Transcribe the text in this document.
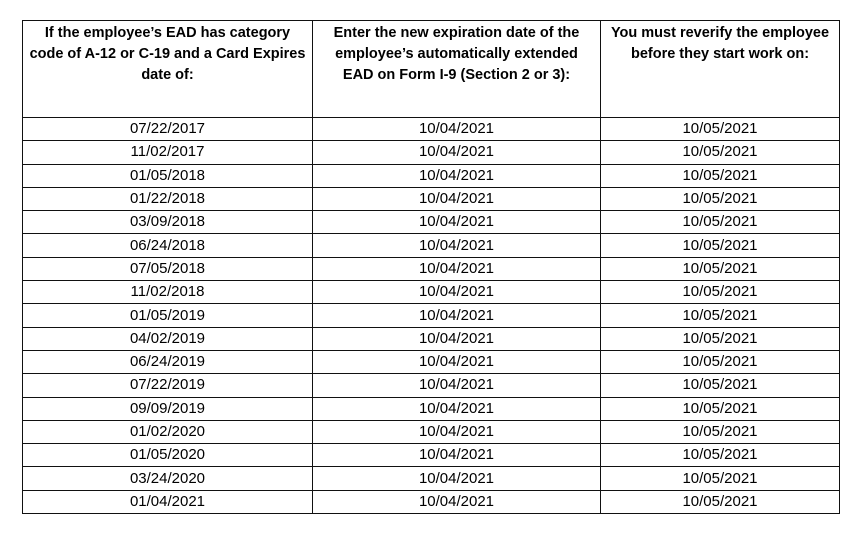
If the employee’s EAD has category code of A-12 or C-19 and a Card Expires date of:	Enter the new expiration date of the employee’s automatically extended EAD on Form I-9 (Section 2 or 3):	You must reverify the employee before they start work on:
07/22/2017	10/04/2021	10/05/2021
11/02/2017	10/04/2021	10/05/2021
01/05/2018	10/04/2021	10/05/2021
01/22/2018	10/04/2021	10/05/2021
03/09/2018	10/04/2021	10/05/2021
06/24/2018	10/04/2021	10/05/2021
07/05/2018	10/04/2021	10/05/2021
11/02/2018	10/04/2021	10/05/2021
01/05/2019	10/04/2021	10/05/2021
04/02/2019	10/04/2021	10/05/2021
06/24/2019	10/04/2021	10/05/2021
07/22/2019	10/04/2021	10/05/2021
09/09/2019	10/04/2021	10/05/2021
01/02/2020	10/04/2021	10/05/2021
01/05/2020	10/04/2021	10/05/2021
03/24/2020	10/04/2021	10/05/2021
01/04/2021	10/04/2021	10/05/2021
